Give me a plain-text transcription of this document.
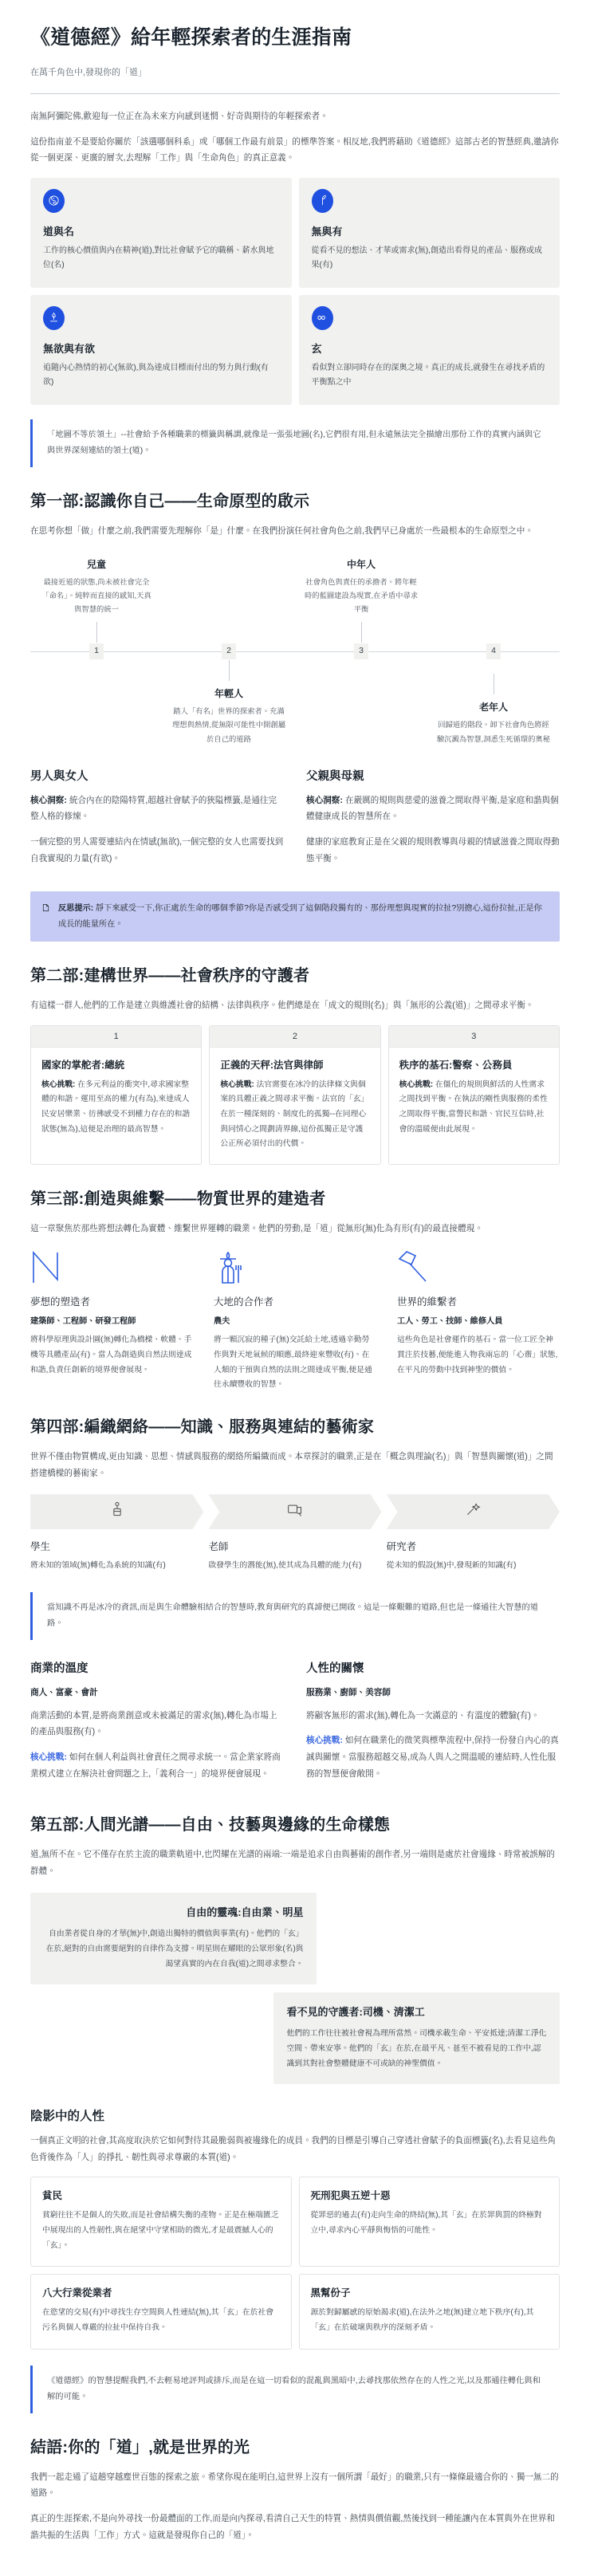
《道德經》給年輕探索者的生涯指南

在萬千角色中,發現你的「道」

南無阿彌陀佛,歡迎每一位正在為未來方向感到迷惘、好奇與期待的年輕探索者。

這份指南並不是要給你關於「該選哪個科系」或「哪個工作最有前景」的標準答案。相反地,我們將藉助《道德經》這部古老的智慧經典,邀請你從一個更深、更廣的層次,去理解「工作」與「生命角色」的真正意義。

道與名

工作的核心價值與內在精神(道),對比社會賦予它的職稱、薪水與地位(名)

無與有

從看不見的想法、才華或需求(無),創造出看得見的產品、服務或成果(有)

無欲與有欲

追隨內心熱情的初心(無欲),與為達成目標而付出的努力與行動(有欲)

玄

看似對立卻同時存在的深奧之境。真正的成長,就發生在尋找矛盾的平衡點之中

「地圖不等於領土」--社會給予各種職業的標籤與稱謂,就像是一張張地圖(名),它們很有用,但永遠無法完全描繪出那份工作的真實內涵與它與世界深刻連結的領土(道)。

第一部:認識你自己——生命原型的啟示

在思考你想「做」什麼之前,我們需要先理解你「是」什麼。在我們扮演任何社會角色之前,我們早已身處於一些最根本的生命原型之中。

兒童
最接近道的狀態,尚未被社會完全「命名」。純粹而直接的感知,天真與智慧的統一
中年人
社會角色與責任的承擔者。將年輕時的藍圖建設為現實,在矛盾中尋求平衡
1	2	3	4
年輕人
踏入「有名」世界的探索者。充滿理想與熱情,從無限可能性中開創屬於自己的道路
老年人
回歸道的階段。卸下社會角色將經驗沉澱為智慧,洞悉生死循環的奧秘
男人與女人

核心洞察: 統合內在的陰陽特質,超越社會賦予的狹隘標籤,是通往完整人格的修煉。

一個完整的男人需要連結內在情感(無欲),一個完整的女人也需要找到自我實現的力量(有欲)。

父親與母親

核心洞察: 在嚴厲的規則與慈愛的滋養之間取得平衡,是家庭和諧與個體健康成長的智慧所在。

健康的家庭教育正是在父親的規則教導與母親的情感滋養之間取得動態平衡。

反思提示: 靜下來感受一下,你正處於生命的哪個季節?你是否感受到了這個階段獨有的、那份理想與現實的拉扯?別擔心,這份拉扯,正是你成長的能量所在。

第二部:建構世界——社會秩序的守護者

有這樣一群人,他們的工作是建立與維護社會的結構、法律與秩序。他們總是在「成文的規則(名)」與「無形的公義(道)」之間尋求平衡。

1
國家的掌舵者:總統

核心挑戰: 在多元利益的衝突中,尋求國家整體的和諧。運用至高的權力(有為),來達成人民安居樂業、彷彿感受不到權力存在的和諧狀態(無為),這便是治理的最高智慧。

2
正義的天秤:法官與律師

核心挑戰: 法官需要在冰冷的法律條文與個案的具體正義之間尋求平衡。法官的「玄」在於一種深刻的、制度化的孤獨--在同理心與同情心之間劃清界線,這份孤獨正是守護公正所必須付出的代價。

3
秩序的基石:警察、公務員

核心挑戰: 在僵化的規則與鮮活的人性需求之間找到平衡。在執法的剛性與服務的柔性之間取得平衡,當警民和諧、官民互信時,社會的溫暖便由此展現。

第三部:創造與維繫——物質世界的建造者

這一章聚焦於那些將想法轉化為實體、維繫世界運轉的職業。他們的勞動,是「道」從無形(無)化為有形(有)的最直接體現。

夢想的塑造者
建築師、工程師、研發工程師

將科學原理與設計圖(無)轉化為橋樑、軟體、手機等具體產品(有)。當人為創造與自然法則達成和諧,負責任創新的境界便會展現。

大地的合作者
農夫

將一顆沉寂的種子(無)交託給土地,透過辛勤勞作與對天地氣候的順應,最終迎來豐收(有)。在人類的干預與自然的法則之間達成平衡,便是通往永續豐收的智慧。

世界的維繫者
工人、勞工、技師、維修人員

這些角色是社會運作的基石。當一位工匠全神貫注於技藝,便能進入物我兩忘的「心齋」狀態,在平凡的勞動中找到神聖的價值。

第四部:編織網絡——知識、服務與連結的藝術家

世界不僅由物質構成,更由知識、思想、情感與服務的網絡所編織而成。本章探討的職業,正是在「概念與理論(名)」與「智慧與關懷(道)」之間搭建橋樑的藝術家。

學生

將未知的領域(無)轉化為系統的知識(有)

老師

啟發學生的潛能(無),使其成為具體的能力(有)

研究者

從未知的假設(無)中,發現新的知識(有)

當知識不再是冰冷的資訊,而是與生命體驗相結合的智慧時,教育與研究的真諦便已開啟。這是一條艱難的道路,但也是一條通往大智慧的道路。

商業的溫度

商人、富豪、會計

商業活動的本質,是將商業創意或未被滿足的需求(無),轉化為市場上的產品與服務(有)。

核心挑戰: 如何在個人利益與社會責任之間尋求統一。當企業家將商業模式建立在解決社會問題之上,「義利合一」的境界便會展現。

人性的關懷

服務業、廚師、美容師

將顧客無形的需求(無),轉化為一次滿意的、有溫度的體驗(有)。

核心挑戰: 如何在職業化的微笑與標準流程中,保持一份發自內心的真誠與關懷。當服務超越交易,成為人與人之間溫暖的連結時,人性化服務的智慧便會敞開。

第五部:人間光譜——自由、技藝與邊緣的生命樣態

道,無所不在。它不僅存在於主流的職業軌道中,也閃耀在光譜的兩端:一端是追求自由與藝術的創作者,另一端則是處於社會邊緣、時常被誤解的群體。

自由的靈魂:自由業、明星

自由業者從自身的才華(無)中,創造出獨特的價值與事業(有)。他們的「玄」在於,絕對的自由需要絕對的自律作為支撐。明星則在耀眼的公眾形象(名)與渴望真實的內在自我(道)之間尋求整合。

看不見的守護者:司機、清潔工

他們的工作往往被社會視為理所當然。司機承載生命、平安抵達;清潔工淨化空間、帶來安寧。他們的「玄」在於,在最平凡、甚至不被看見的工作中,認識到其對社會整體健康不可或缺的神聖價值。

陰影中的人性

一個真正文明的社會,其高度取決於它如何對待其最脆弱與被邊緣化的成員。我們的目標是引導自己穿透社會賦予的負面標籤(名),去看見這些角色背後作為「人」的掙扎、韌性與尋求尊嚴的本質(道)。

貧民

貧窮往往不是個人的失敗,而是社會結構失衡的產物。正是在極端匱乏中展現出的人性韌性,與在絕望中守望相助的微光,才是最震撼人心的「玄」。

死刑犯與五逆十惡

從罪惡的過去(有)走向生命的終結(無),其「玄」在於罪與罰的終極對立中,尋求內心平靜與悔悟的可能性。

八大行業從業者

在慾望的交易(有)中尋找生存空間與人性連結(無),其「玄」在於社會污名與個人尊嚴的拉扯中保持自我。

黑幫份子

源於對歸屬感的原始渴求(道),在法外之地(無)建立地下秩序(有),其「玄」在於破壞與秩序的深刻矛盾。

《道德經》的智慧提醒我們,不去輕易地評判或排斥,而是在這一切看似的混亂與黑暗中,去尋找那依然存在的人性之光,以及那通往轉化與和解的可能。

結語:你的「道」,就是世界的光

我們一起走過了這趟穿越塵世百態的探索之旅。希望你現在能明白,這世界上沒有一個所謂「最好」的職業,只有一條條最適合你的、獨一無二的道路。

真正的生涯探索,不是向外尋找一份最體面的工作,而是向內探尋,看清自己天生的特質、熱情與價值觀,然後找到一種能讓內在本質與外在世界和諧共振的生活與「工作」方式。這就是發現你自己的「道」。
